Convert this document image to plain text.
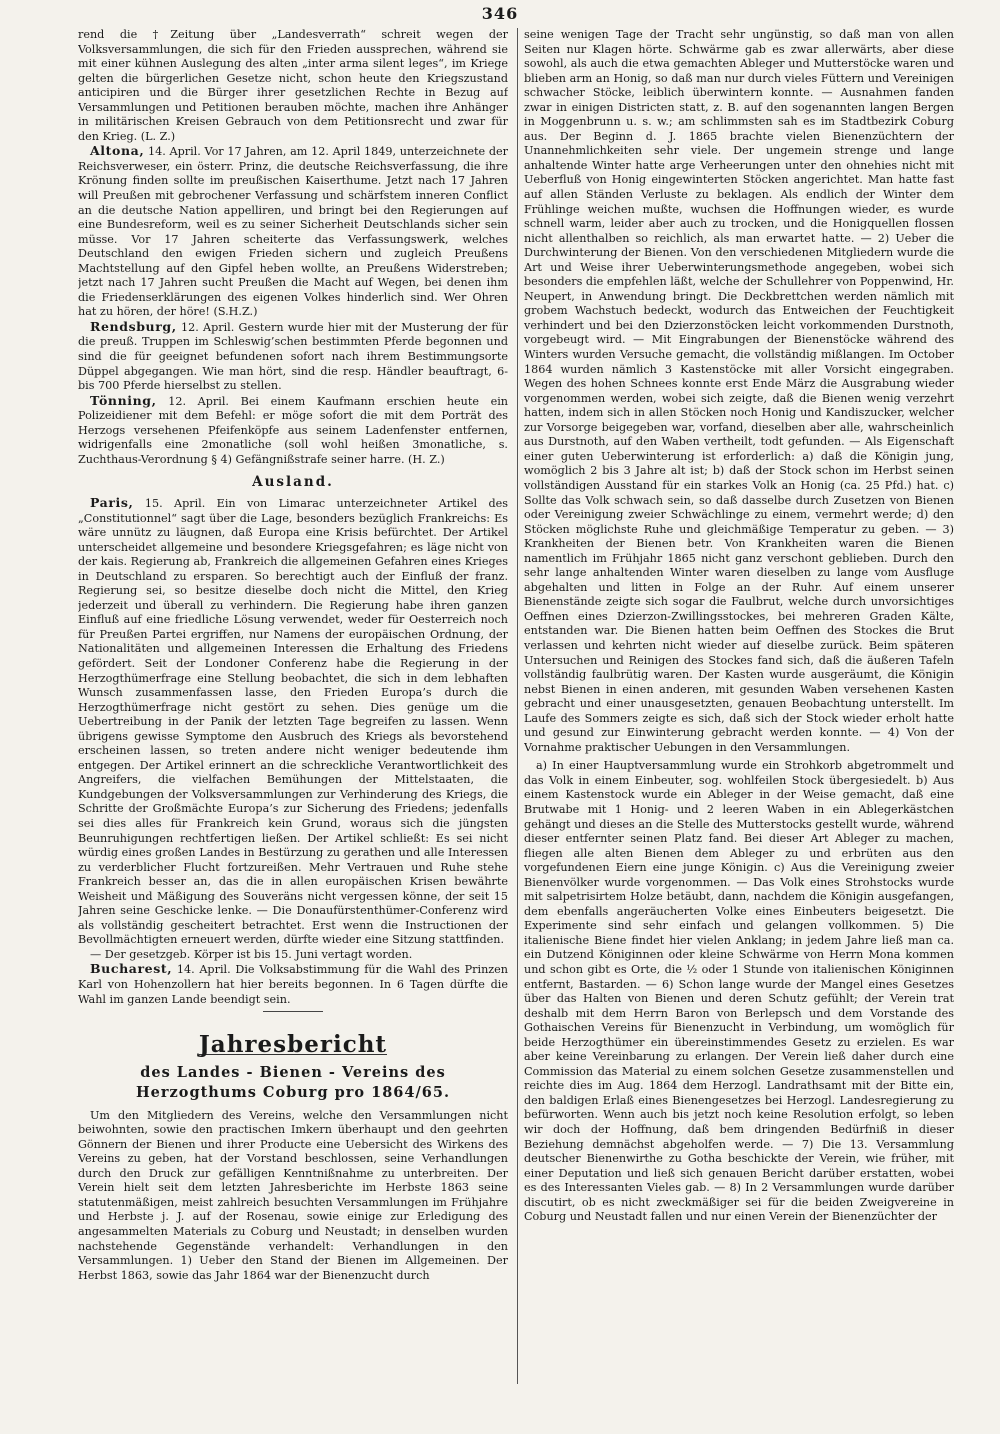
346

rend die †Zeitung über „Landesverrath“ schreit wegen der Volksversammlungen, die sich für den Frieden aussprechen, während sie mit einer kühnen Auslegung des alten „inter arma silent leges“, im Kriege gelten die bürgerlichen Gesetze nicht, schon heute den Kriegszustand anticipiren und die Bürger ihrer gesetzlichen Rechte in Bezug auf Versammlungen und Petitionen berauben möchte, machen ihre Anhänger in militärischen Kreisen Gebrauch von dem Petitionsrecht und zwar für den Krieg. (L. Z.)

Altona, 14. April. Vor 17 Jahren, am 12. April 1849, unterzeichnete der Reichsverweser, ein österr. Prinz, die deutsche Reichsverfassung, die ihre Krönung finden sollte im preußischen Kaiserthume. Jetzt nach 17 Jahren will Preußen mit gebrochener Verfassung und schärfstem inneren Conflict an die deutsche Nation appelliren, und bringt bei den Regierungen auf eine Bundesreform, weil es zu seiner Sicherheit Deutschlands sicher sein müsse. Vor 17 Jahren scheiterte das Verfassungswerk, welches Deutschland den ewigen Frieden sichern und zugleich Preußens Machtstellung auf den Gipfel heben wollte, an Preußens Widerstreben; jetzt nach 17 Jahren sucht Preußen die Macht auf Wegen, bei denen ihm die Friedenserklärungen des eigenen Volkes hinderlich sind. Wer Ohren hat zu hören, der höre! (S.H.Z.)

Rendsburg, 12. April. Gestern wurde hier mit der Musterung der für die preuß. Truppen im Schleswig’schen bestimmten Pferde begonnen und sind die für geeignet befundenen sofort nach ihrem Bestimmungsorte Düppel abgegangen. Wie man hört, sind die resp. Händler beauftragt, 6- bis 700 Pferde hierselbst zu stellen.

Tönning, 12. April. Bei einem Kaufmann erschien heute ein Polizeidiener mit dem Befehl: er möge sofort die mit dem Porträt des Herzogs versehenen Pfeifenköpfe aus seinem Ladenfenster entfernen, widrigenfalls eine 2monatliche (soll wohl heißen 3monatliche, s. Zuchthaus-Verordnung § 4) Gefängnißstrafe seiner harre. (H. Z.)

Ausland.

Paris, 15. April. Ein von Limarac unterzeichneter Artikel des „Constitutionnel“ sagt über die Lage, besonders bezüglich Frankreichs: Es wäre unnütz zu läugnen, daß Europa eine Krisis befürchtet. Der Artikel unterscheidet allgemeine und besondere Kriegsgefahren; es läge nicht von der kais. Regierung ab, Frankreich die allgemeinen Gefahren eines Krieges in Deutschland zu ersparen. So berechtigt auch der Einfluß der franz. Regierung sei, so besitze dieselbe doch nicht die Mittel, den Krieg jederzeit und überall zu verhindern. Die Regierung habe ihren ganzen Einfluß auf eine friedliche Lösung verwendet, weder für Oesterreich noch für Preußen Partei ergriffen, nur Namens der europäischen Ordnung, der Nationalitäten und allgemeinen Interessen die Erhaltung des Friedens gefördert. Seit der Londoner Conferenz habe die Regierung in der Herzogthümerfrage eine Stellung beobachtet, die sich in dem lebhaften Wunsch zusammenfassen lasse, den Frieden Europa’s durch die Herzogthümerfrage nicht gestört zu sehen. Dies genüge um die Uebertreibung in der Panik der letzten Tage begreifen zu lassen. Wenn übrigens gewisse Symptome den Ausbruch des Kriegs als bevorstehend erscheinen lassen, so treten andere nicht weniger bedeutende ihm entgegen. Der Artikel erinnert an die schreckliche Verantwortlichkeit des Angreifers, die vielfachen Bemühungen der Mittelstaaten, die Kundgebungen der Volksversammlungen zur Verhinderung des Kriegs, die Schritte der Großmächte Europa’s zur Sicherung des Friedens; jedenfalls sei dies alles für Frankreich kein Grund, woraus sich die jüngsten Beunruhigungen rechtfertigen ließen. Der Artikel schließt: Es sei nicht würdig eines großen Landes in Bestürzung zu gerathen und alle Interessen zu verderblicher Flucht fortzureißen. Mehr Vertrauen und Ruhe stehe Frankreich besser an, das die in allen europäischen Krisen bewährte Weisheit und Mäßigung des Souveräns nicht vergessen könne, der seit 15 Jahren seine Geschicke lenke. — Die Donaufürstenthümer-Conferenz wird als vollständig gescheitert betrachtet. Erst wenn die Instructionen der Bevollmächtigten erneuert werden, dürfte wieder eine Sitzung stattfinden.

— Der gesetzgeb. Körper ist bis 15. Juni vertagt worden.

Bucharest, 14. April. Die Volksabstimmung für die Wahl des Prinzen Karl von Hohenzollern hat hier bereits begonnen. In 6 Tagen dürfte die Wahl im ganzen Lande beendigt sein.

Jahresbericht
des Landes - Bienen - Vereins des Herzogthums Coburg pro 1864/65.

Um den Mitgliedern des Vereins, welche den Versammlungen nicht beiwohnten, sowie den practischen Imkern überhaupt und den geehrten Gönnern der Bienen und ihrer Producte eine Uebersicht des Wirkens des Vereins zu geben, hat der Vorstand beschlossen, seine Verhandlungen durch den Druck zur gefälligen Kenntnißnahme zu unterbreiten. Der Verein hielt seit dem letzten Jahresberichte im Herbste 1863 seine statutenmäßigen, meist zahlreich besuchten Versammlungen im Frühjahre und Herbste j. J. auf der Rosenau, sowie einige zur Erledigung des angesammelten Materials zu Coburg und Neustadt; in denselben wurden nachstehende Gegenstände verhandelt: Verhandlungen in den Versammlungen. 1) Ueber den Stand der Bienen im Allgemeinen. Der Herbst 1863, sowie das Jahr 1864 war der Bienenzucht durch

seine wenigen Tage der Tracht sehr ungünstig, so daß man von allen Seiten nur Klagen hörte. Schwärme gab es zwar allerwärts, aber diese sowohl, als auch die etwa gemachten Ableger und Mutterstöcke waren und blieben arm an Honig, so daß man nur durch vieles Füttern und Vereinigen schwacher Stöcke, leiblich überwintern konnte. — Ausnahmen fanden zwar in einigen Districten statt, z. B. auf den sogenannten langen Bergen in Moggenbrunn u. s. w.; am schlimmsten sah es im Stadtbezirk Coburg aus. Der Beginn d. J. 1865 brachte vielen Bienenzüchtern der Unannehmlichkeiten sehr viele. Der ungemein strenge und lange anhaltende Winter hatte arge Verheerungen unter den ohnehies nicht mit Ueberfluß von Honig eingewinterten Stöcken angerichtet. Man hatte fast auf allen Ständen Verluste zu beklagen. Als endlich der Winter dem Frühlinge weichen mußte, wuchsen die Hoffnungen wieder, es wurde schnell warm, leider aber auch zu trocken, und die Honigquellen flossen nicht allenthalben so reichlich, als man erwartet hatte. — 2) Ueber die Durchwinterung der Bienen. Von den verschiedenen Mitgliedern wurde die Art und Weise ihrer Ueberwinterungsmethode angegeben, wobei sich besonders die empfehlen läßt, welche der Schullehrer von Poppenwind, Hr. Neupert, in Anwendung bringt. Die Deckbrettchen werden nämlich mit grobem Wachstuch bedeckt, wodurch das Entweichen der Feuchtigkeit verhindert und bei den Dzierzonstöcken leicht vorkommenden Durstnoth, vorgebeugt wird. — Mit Eingrabungen der Bienenstöcke während des Winters wurden Versuche gemacht, die vollständig mißlangen. Im October 1864 wurden nämlich 3 Kastenstöcke mit aller Vorsicht eingegraben. Wegen des hohen Schnees konnte erst Ende März die Ausgrabung wieder vorgenommen werden, wobei sich zeigte, daß die Bienen wenig verzehrt hatten, indem sich in allen Stöcken noch Honig und Kandiszucker, welcher zur Vorsorge beigegeben war, vorfand, dieselben aber alle, wahrscheinlich aus Durstnoth, auf den Waben vertheilt, todt gefunden. — Als Eigenschaft einer guten Ueberwinterung ist erforderlich: a) daß die Königin jung, womöglich 2 bis 3 Jahre alt ist; b) daß der Stock schon im Herbst seinen vollständigen Ausstand für ein starkes Volk an Honig (ca. 25 Pfd.) hat. c) Sollte das Volk schwach sein, so daß dasselbe durch Zusetzen von Bienen oder Vereinigung zweier Schwächlinge zu einem, vermehrt werde; d) den Stöcken möglichste Ruhe und gleichmäßige Temperatur zu geben. — 3) Krankheiten der Bienen betr. Von Krankheiten waren die Bienen namentlich im Frühjahr 1865 nicht ganz verschont geblieben. Durch den sehr lange anhaltenden Winter waren dieselben zu lange vom Ausfluge abgehalten und litten in Folge an der Ruhr. Auf einem unserer Bienenstände zeigte sich sogar die Faulbrut, welche durch unvorsichtiges Oeffnen eines Dzierzon-Zwillingsstockes, bei mehreren Graden Kälte, entstanden war. Die Bienen hatten beim Oeffnen des Stockes die Brut verlassen und kehrten nicht wieder auf dieselbe zurück. Beim späteren Untersuchen und Reinigen des Stockes fand sich, daß die äußeren Tafeln vollständig faulbrütig waren. Der Kasten wurde ausgeräumt, die Königin nebst Bienen in einen anderen, mit gesunden Waben versehenen Kasten gebracht und einer unausgesetzten, genauen Beobachtung unterstellt. Im Laufe des Sommers zeigte es sich, daß sich der Stock wieder erholt hatte und gesund zur Einwinterung gebracht werden konnte. — 4) Von der Vornahme praktischer Uebungen in den Versammlungen.

a) In einer Hauptversammlung wurde ein Strohkorb abgetrommelt und das Volk in einem Einbeuter, sog. wohlfeilen Stock übergesiedelt. b) Aus einem Kastenstock wurde ein Ableger in der Weise gemacht, daß eine Brutwabe mit 1 Honig- und 2 leeren Waben in ein Ablegerkästchen gehängt und dieses an die Stelle des Mutterstocks gestellt wurde, während dieser entfernter seinen Platz fand. Bei dieser Art Ableger zu machen, fliegen alle alten Bienen dem Ableger zu und erbrüten aus den vorgefundenen Eiern eine junge Königin. c) Aus die Vereinigung zweier Bienenvölker wurde vorgenommen. — Das Volk eines Strohstocks wurde mit salpetrisirtem Holze betäubt, dann, nachdem die Königin ausgefangen, dem ebenfalls angeräucherten Volke eines Einbeuters beigesetzt. Die Experimente sind sehr einfach und gelangen vollkommen. 5) Die italienische Biene findet hier vielen Anklang; in jedem Jahre ließ man ca. ein Dutzend Königinnen oder kleine Schwärme von Herrn Mona kommen und schon gibt es Orte, die ½ oder 1 Stunde von italienischen Königinnen entfernt, Bastarden. — 6) Schon lange wurde der Mangel eines Gesetzes über das Halten von Bienen und deren Schutz gefühlt; der Verein trat deshalb mit dem Herrn Baron von Berlepsch und dem Vorstande des Gothaischen Vereins für Bienenzucht in Verbindung, um womöglich für beide Herzogthümer ein übereinstimmendes Gesetz zu erzielen. Es war aber keine Vereinbarung zu erlangen. Der Verein ließ daher durch eine Commission das Material zu einem solchen Gesetze zusammenstellen und reichte dies im Aug. 1864 dem Herzogl. Landrathsamt mit der Bitte ein, den baldigen Erlaß eines Bienengesetzes bei Herzogl. Landesregierung zu befürworten. Wenn auch bis jetzt noch keine Resolution erfolgt, so leben wir doch der Hoffnung, daß bem dringenden Bedürfniß in dieser Beziehung demnächst abgeholfen werde. — 7) Die 13. Versammlung deutscher Bienenwirthe zu Gotha beschickte der Verein, wie früher, mit einer Deputation und ließ sich genauen Bericht darüber erstatten, wobei es des Interessanten Vieles gab. — 8) In 2 Versammlungen wurde darüber discutirt, ob es nicht zweckmäßiger sei für die beiden Zweigvereine in Coburg und Neustadt fallen und nur einen Verein der Bienenzüchter der
